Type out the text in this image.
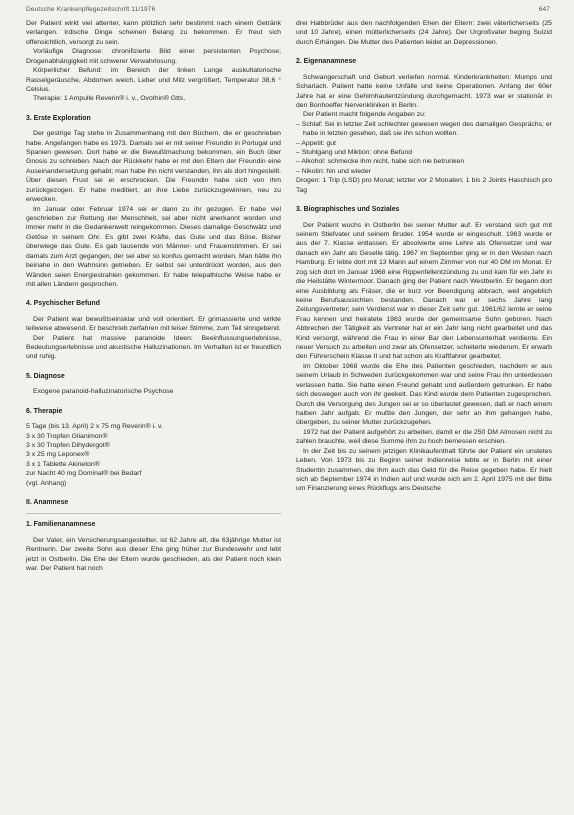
Deutsche Krankenpflegezeitschrift 11/1976	647

Der Patient wirkt viel attenter, kann plötzlich sehr bestimmt nach einem Getränk verlangen. Irdische Dinge scheinen Belang zu bekommen. Er freut sich offensichtlich, versorgt zu sein.

Vorläufige Diagnose: chronifizierte Bild einer persistenten Psychose; Drogenabhängigkeit mit schwerer Verwahrlosung.

Körperlicher Befund: im Bereich der linken Lunge auskultatorische Rasselgeräusche, Abdomen weich, Leber und Milz vergrößert, Temperatur 38,6 ° Celsius.

Therapie: 1 Ampulle Reverin® i. v., Ovothin® Gtts.

3. Erste Exploration

Der gestrige Tag stehe in Zusammenhang mit den Büchern, die er geschrieben habe. Angefangen habe es 1973. Damals sei er mit seiner Freundin in Portugal und Spanien gewesen. Dort habe er die Bewußtmachung bekommen, ein Buch über Gnosis zu schreiben. Nach der Rückkehr habe er mit den Eltern der Freundin eine Auseinandersetzung gehabt; man habe ihn nicht verstanden, ihn als dort hingestellt. Über diesen Frust sei er erschrocken. Die Freundin habe sich von ihm zurückgezogen. Er habe meditiert, an ihre Liebe zurückzugewinnen, neu zu erwecken.

Im Januar oder Februar 1974 sei er dann zu ihr gezogen. Er habe viel geschrieben zur Rettung der Menschheit, sei aber nicht anerkannt worden und immer mehr in die Gedankenwelt reingekommen. Dieses damalige Geschwätz und Getöse in seinem Ohr. Es gibt zwei Kräfte, das Gute und das Böse. Bisher überwiege das Gute. Es gab tausende von Männer- und Frauenstimmen. Er sei damals zum Arzt gegangen, der sei aber so konfus gemacht worden. Man hätte ihn beinahe in den Wahnsinn getrieben. Er selbst sei unterdrückt worden, aus den Wänden seien Energiestrahlen gekommen. Er habe telepathische Weise habe er mit allen Ländern gesprochen.

4. Psychischer Befund

Der Patient war bewußtseinsklar und voll orientiert. Er grimassierte und wirkte teilweise abwesend. Er beschrieb zerfahren mit leiser Stimme, zum Teil sinngebend.

Der Patient hat massive paranoide Ideen: Beeinflussungserlebnisse, Bedeutungserlebnisse und akustische Halluzinationen. Im Verhalten ist er freundlich und ruhig.

5. Diagnose

Exogene paranoid-halluzinatorische Psychose

6. Therapie
5 Tage (bis 13. April) 2 x 75 mg Reverin® i. v.
3 x 30 Tropfen Glianimon®
3 x 30 Tropfen Dihydergot®
3 x 25 mg Leponex®
3 x 1 Tablette Akineton®
zur Nacht 40 mg Dominal® bei Bedarf
(vgl. Anhang)
II. Anamnese
1. Familienanamnese

Der Vater, ein Versicherungsangestellter, ist 62 Jahre alt, die 63jährige Mutter ist Rentnerin. Der zweite Sohn aus dieser Ehe ging früher zur Bundeswehr und lebt jetzt in Ostberlin. Die Ehe der Eltern wurde geschieden, als der Patient noch klein war. Der Patient hat noch

drei Halbbrüder aus den nachfolgenden Ehen der Eltern: zwei väterlicherseits (25 und 10 Jahre), einen mütterlicherseits (24 Jahre). Der Urgroßvater beging Suizid durch Erhängen. Die Mutter des Patienten leidet an Depressionen.

2. Eigenanamnese

Schwangerschaft und Geburt verliefen normal. Kinderkrankheiten: Mumps und Scharlach. Patient hatte keine Unfälle und keine Operationen. Anfang der 60er Jahre hat er eine Gehirnhautentzündung durchgemacht. 1973 war er stationär in den Bonhoeffer Nervenkliniken in Berlin.

Der Patient macht folgende Angaben zu:

– Schlaf: Sei in letzter Zeit schlechter gewesen wegen des damaligen Gesprächs; er habe in letzten gesehen, daß sie ihn schon wollten.
– Appetit: gut
– Stuhlgang und Miktion: ohne Befund
– Alkohol: schmecke ihm nicht, habe sich nie betrunken
– Nikotin: hin und wieder

Drogen: 1 Trip (LSD) pro Monat; letzter vor 2 Monaten; 1 bis 2 Joints Haschisch pro Tag

3. Biographisches und Soziales

Der Patient wuchs in Ostberlin bei seiner Mutter auf. Er verstand sich gut mit seinem Stiefvater und seinem Bruder. 1954 wurde er eingeschult. 1963 wurde er aus der 7. Klasse entlassen. Er absolvierte eine Lehre als Ofensetzer und war danach ein Jahr als Geselle tätig. 1967 im September ging er in den Westen nach Hamburg. Er lebte dort mit 13 Mann auf einem Zimmer von nur 40 DM im Monat. Er zog sich dort im Januar 1968 eine Rippenfellentzündung zu und kam für ein Jahr in die Heilstätte Wintermoor. Danach ging der Patient nach Westberlin. Er begann dort eine Ausbildung als Fräser, die er kurz vor Beendigung abbrach, weil angeblich keine Berufsaussichten bestanden. Danach war er sechs Jahre lang Zeitungsvertreter; sein Verdienst war in dieser Zeit sehr gut. 1961/62 lernte er seine Frau kennen und heiratete 1963 wurde der gemeinsame Sohn geboren. Nach Abbrechen der Tätigkeit als Vertreter hat er ein Jahr lang nicht gearbeitet und das Kind versorgt, während die Frau in einer Bar den Lebensunterhalt verdiente. Ein neuer Versuch zu arbeiten und zwar als Ofensetzer, scheiterte wiederum. Er erwarb den Führerschein Klasse II und hat schon als Kraftfahrer gearbeitet.

Im Oktober 1968 wurde die Ehe des Patienten geschieden, nachdem er aus seinem Urlaub in Schweden zurückgekommen war und seine Frau ihn unterdessen verlassen hatte. Sie hatte einen Freund gehabt und außerdem getrunken. Er habe sich deswegen auch von ihr geekelt. Das Kind wurde dem Patienten zugesprochen. Durch die Versorgung des Jungen sei er so überlastet gewesen, daß er nach einem halben Jahr aufgab. Er mußte den Jungen, der sehr an ihm gehangen habe, übergeben, zu seiner Mutter zurückzugehen.

1972 hat der Patient aufgehört zu arbeiten, damit er die 250 DM Almosen nicht zu zahlen brauchte, weil diese Summe ihm zu hoch bemessen erschien.

In der Zeit bis zu seinem jetzigen Klinikaufenthalt führte der Patient ein unstetes Leben. Von 1973 bis zu Beginn seiner Indienreise lebte er in Berlin mit einer Studentin zusammen, die ihm auch das Geld für die Reise gegeben habe. Er hielt sich ab September 1974 in Indien auf und wurde sich am 2. April 1975 mit der Bitte um Finanzierung eines Rückflugs ans Deutsche
